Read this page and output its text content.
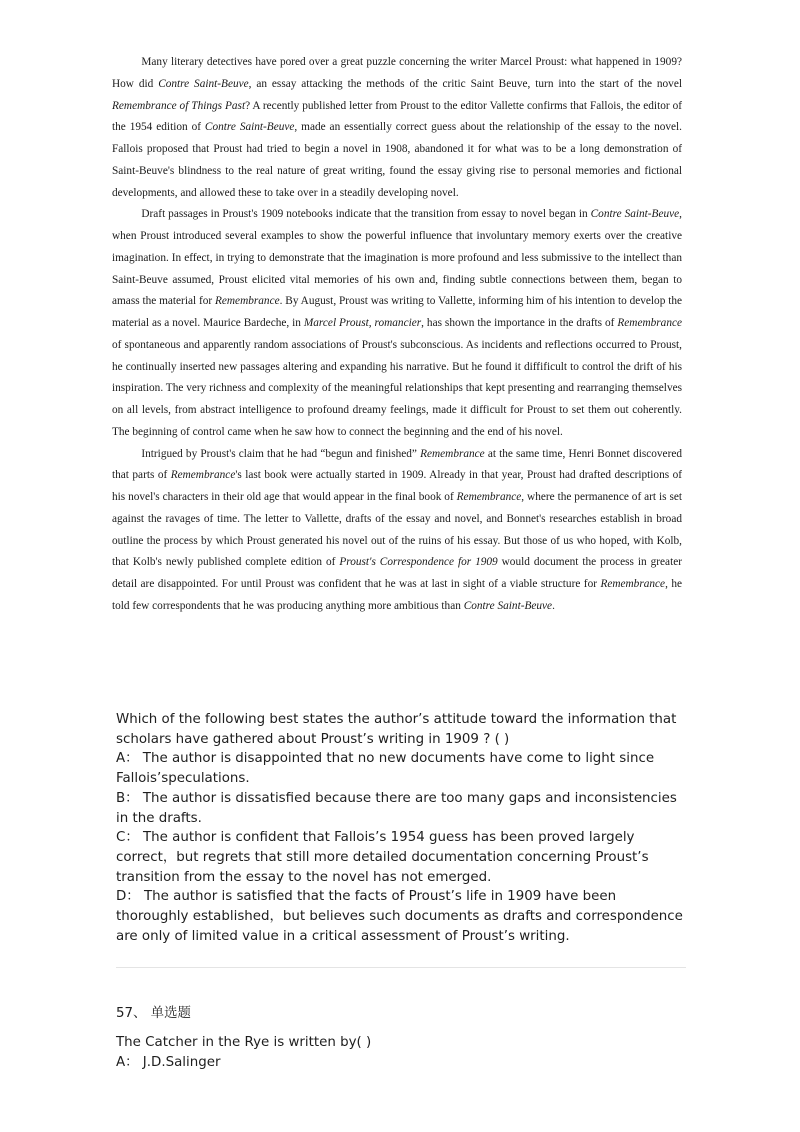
Many literary detectives have pored over a great puzzle concerning the writer Marcel Proust: what happened in 1909? How did Contre Saint-Beuve, an essay attacking the methods of the critic Saint Beuve, turn into the start of the novel Remembrance of Things Past? A recently published letter from Proust to the editor Vallette confirms that Fallois, the editor of the 1954 edition of Contre Saint-Beuve, made an essentially correct guess about the relationship of the essay to the novel. Fallois proposed that Proust had tried to begin a novel in 1908, abandoned it for what was to be a long demonstration of Saint-Beuve's blindness to the real nature of great writing, found the essay giving rise to personal memories and fictional developments, and allowed these to take over in a steadily developing novel.

Draft passages in Proust's 1909 notebooks indicate that the transition from essay to novel began in Contre Saint-Beuve, when Proust introduced several examples to show the powerful influence that involuntary memory exerts over the creative imagination. In effect, in trying to demonstrate that the imagination is more profound and less submissive to the intellect than Saint-Beuve assumed, Proust elicited vital memories of his own and, finding subtle connections between them, began to amass the material for Remembrance. By August, Proust was writing to Vallette, informing him of his intention to develop the material as a novel. Maurice Bardeche, in Marcel Proust, romancier, has shown the importance in the drafts of Remembrance of spontaneous and apparently random associations of Proust's subconscious. As incidents and reflections occurred to Proust, he continually inserted new passages altering and expanding his narrative. But he found it diffificult to control the drift of his inspiration. The very richness and complexity of the meaningful relationships that kept presenting and rearranging themselves on all levels, from abstract intelligence to profound dreamy feelings, made it difficult for Proust to set them out coherently. The beginning of control came when he saw how to connect the beginning and the end of his novel.

Intrigued by Proust's claim that he had “begun and finished” Remembrance at the same time, Henri Bonnet discovered that parts of Remembrance's last book were actually started in 1909. Already in that year, Proust had drafted descriptions of his novel's characters in their old age that would appear in the final book of Remembrance, where the permanence of art is set against the ravages of time. The letter to Vallette, drafts of the essay and novel, and Bonnet's researches establish in broad outline the process by which Proust generated his novel out of the ruins of his essay. But those of us who hoped, with Kolb, that Kolb's newly published complete edition of Proust's Correspondence for 1909 would document the process in greater detail are disappointed. For until Proust was confident that he was at last in sight of a viable structure for Remembrance, he told few correspondents that he was producing anything more ambitious than Contre Saint-Beuve.

Which of the following best states the author’s attitude toward the information that scholars have gathered about Proust’s writing in 1909 ? ( )
A： The author is disappointed that no new documents have come to light since Fallois’speculations.
B： The author is dissatisfied because there are too many gaps and inconsistencies in the drafts.
C： The author is confident that Fallois’s 1954 guess has been proved largely correct，but regrets that still more detailed documentation concerning Proust’s transition from the essay to the novel has not emerged.
D： The author is satisfied that the facts of Proust’s life in 1909 have been thoroughly established，but believes such documents as drafts and correspondence are only of limited value in a critical assessment of Proust’s writing.
57、 单选题
The Catcher in the Rye is written by( )
A： J.D.Salinger
